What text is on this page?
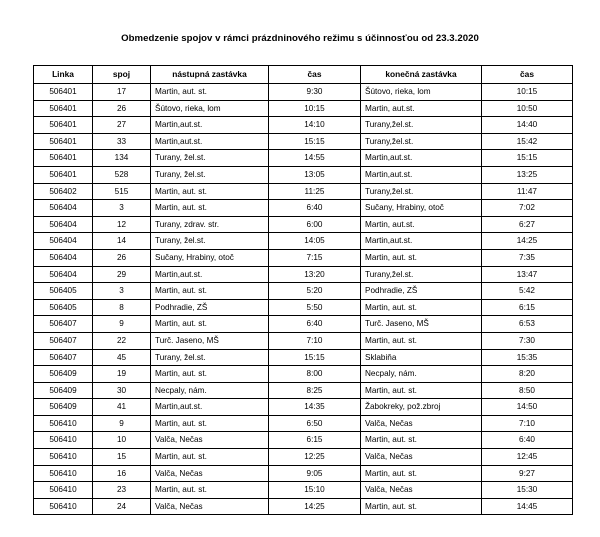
Obmedzenie spojov v rámci prázdninového režimu s účinnosťou od 23.3.2020
Linka	spoj	nástupná zastávka	čas	konečná zastávka	čas
506401	17	Martin, aut. st.	9:30	Šútovo, rieka, lom	10:15
506401	26	Šútovo, rieka, lom	10:15	Martin, aut.st.	10:50
506401	27	Martin,aut.st.	14:10	Turany,žel.st.	14:40
506401	33	Martin,aut.st.	15:15	Turany,žel.st.	15:42
506401	134	Turany, žel.st.	14:55	Martin,aut.st.	15:15
506401	528	Turany, žel.st.	13:05	Martin,aut.st.	13:25
506402	515	Martin, aut. st.	11:25	Turany,žel.st.	11:47
506404	3	Martin, aut. st.	6:40	Sučany, Hrabiny, otoč	7:02
506404	12	Turany, zdrav. str.	6:00	Martin, aut.st.	6:27
506404	14	Turany, žel.st.	14:05	Martin,aut.st.	14:25
506404	26	Sučany, Hrabiny, otoč	7:15	Martin, aut. st.	7:35
506404	29	Martin,aut.st.	13:20	Turany,žel.st.	13:47
506405	3	Martin, aut. st.	5:20	Podhradie, ZŠ	5:42
506405	8	Podhradie, ZŠ	5:50	Martin, aut. st.	6:15
506407	9	Martin, aut. st.	6:40	Turč. Jaseno, MŠ	6:53
506407	22	Turč. Jaseno, MŠ	7:10	Martin, aut. st.	7:30
506407	45	Turany, žel.st.	15:15	Sklabiňa	15:35
506409	19	Martin, aut. st.	8:00	Necpaly, nám.	8:20
506409	30	Necpaly, nám.	8:25	Martin, aut. st.	8:50
506409	41	Martin,aut.st.	14:35	Žabokreky, pož.zbroj	14:50
506410	9	Martin, aut. st.	6:50	Valča, Nečas	7:10
506410	10	Valča, Nečas	6:15	Martin, aut. st.	6:40
506410	15	Martin, aut. st.	12:25	Valča, Nečas	12:45
506410	16	Valča, Nečas	9:05	Martin, aut. st.	9:27
506410	23	Martin, aut. st.	15:10	Valča, Nečas	15:30
506410	24	Valča, Nečas	14:25	Martin, aut. st.	14:45
